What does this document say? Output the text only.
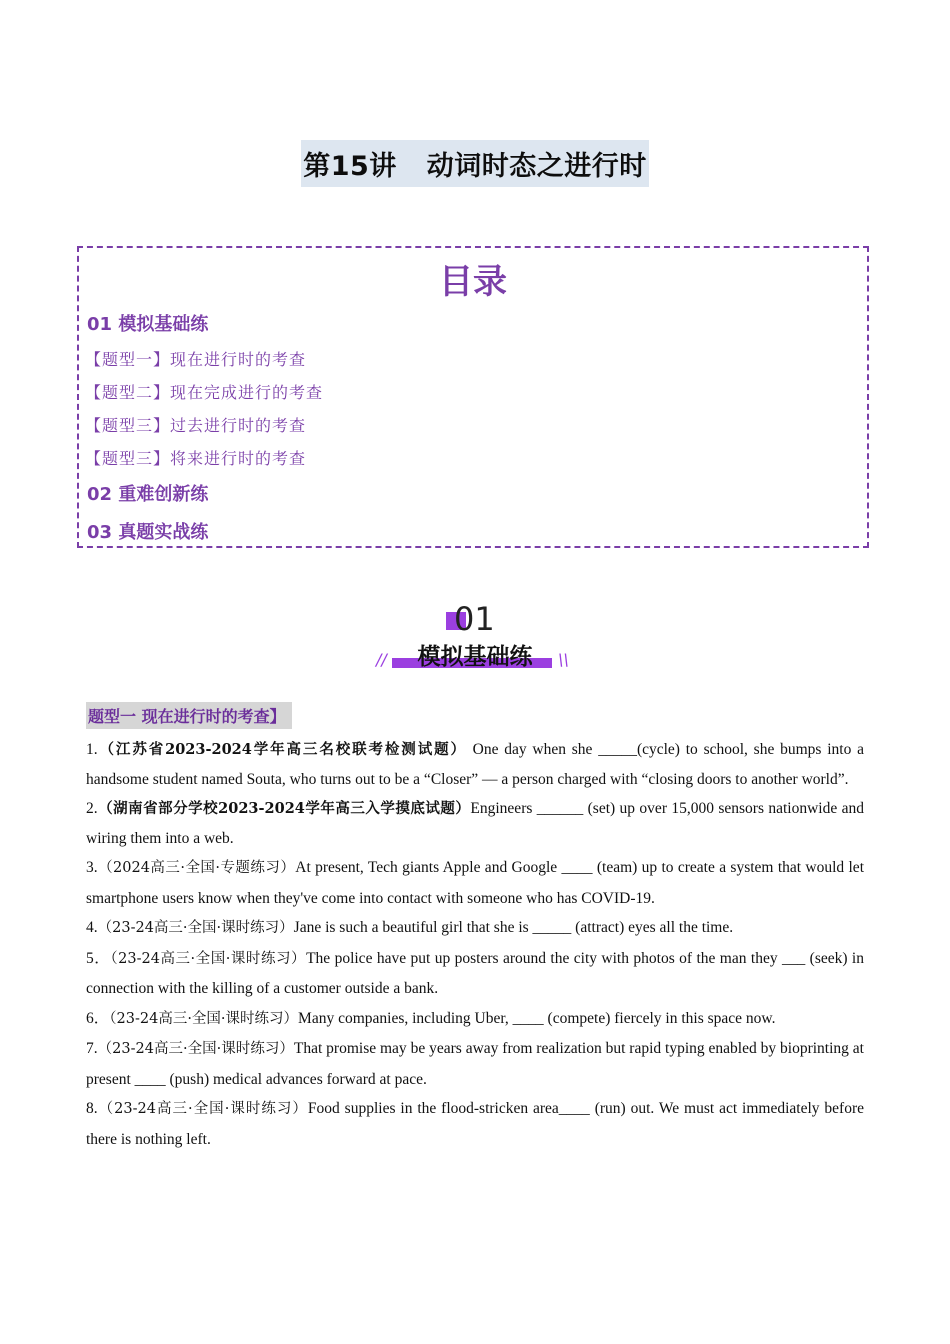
第15讲 动词时态之进行时
目录
01 模拟基础练
【题型一】现在进行时的考查
【题型二】现在完成进行的考查
【题型三】过去进行时的考查
【题型三】将来进行时的考查
02 重难创新练
03 真题实战练
01
模拟基础练
//	\\
题型一 现在进行时的考查】

1.（江苏省2023-2024学年高三名校联考检测试题） One day when she _____(cycle) to school, she bumps into a handsome student named Souta, who turns out to be a “Closer” — a person charged with “closing doors to another world”.

2.（湖南省部分学校2023-2024学年高三入学摸底试题）Engineers ______ (set) up over 15,000 sensors nationwide and wiring them into a web.

3.（2024高三·全国·专题练习）At present, Tech giants Apple and Google ____ (team) up to create a system that would let smartphone users know when they've come into contact with someone who has COVID-19.

4.（23-24高三·全国·课时练习）Jane is such a beautiful girl that she is _____ (attract) eyes all the time.

5．（23-24高三·全国·课时练习）The police have put up posters around the city with photos of the man they ___ (seek) in connection with the killing of a customer outside a bank.

6．（23-24高三·全国·课时练习）Many companies, including Uber, ____ (compete) fiercely in this space now.

7.（23-24高三·全国·课时练习）That promise may be years away from realization but rapid typing enabled by bioprinting at present ____ (push) medical advances forward at pace.

8.（23-24高三·全国·课时练习）Food supplies in the flood-stricken area____ (run) out. We must act immediately before there is nothing left.
